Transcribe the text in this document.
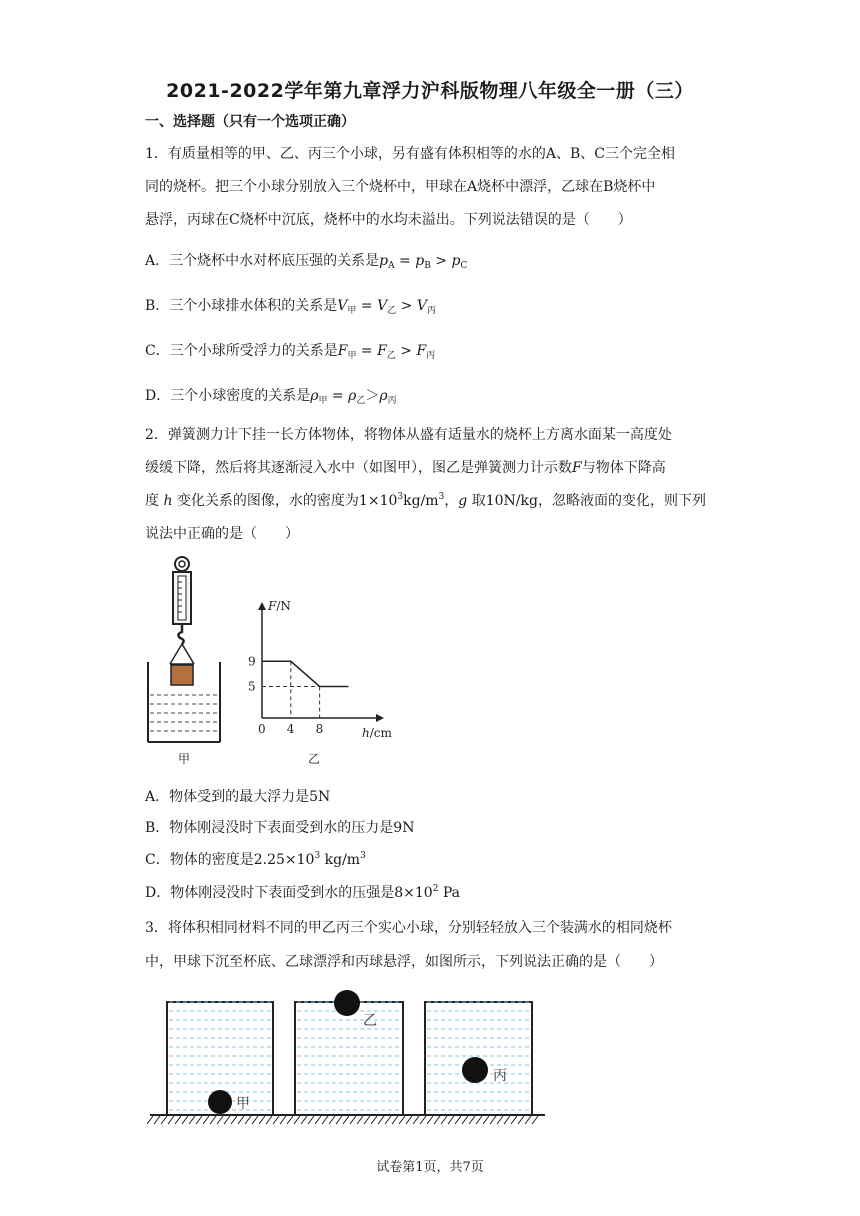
2021-2022学年第九章浮力沪科版物理八年级全一册（三）
一、选择题（只有一个选项正确）
1．有质量相等的甲、乙、丙三个小球，另有盛有体积相等的水的A、B、C三个完全相
同的烧杯。把三个小球分别放入三个烧杯中，甲球在A烧杯中漂浮，乙球在B烧杯中
悬浮，丙球在C烧杯中沉底，烧杯中的水均未溢出。下列说法错误的是（　　）
A．三个烧杯中水对杯底压强的关系是$p_A = p_B > p_C$
B．三个小球排水体积的关系是$V_甲 = V_乙 > V_丙$
C．三个小球所受浮力的关系是$F_甲 = F_乙 > F_丙$
D．三个小球密度的关系是$\rho_甲 = \rho_乙>\rho_丙$
2．弹簧测力计下挂一长方体物体，将物体从盛有适量水的烧杯上方离水面某一高度处
缓缓下降，然后将其逐渐浸入水中（如图甲），图乙是弹簧测力计示数F与物体下降高
度 h 变化关系的图像，水的密度为$1\times 10^3kg/m^3$，g 取10N/kg，忽略液面的变化，则下列
说法中正确的是（　　）
甲
F/N
h/cm
0 4 8
9
5
乙
A．物体受到的最大浮力是5N
B．物体刚浸没时下表面受到水的压力是9N
C．物体的密度是$2.25\times 10^3$ $kg/m^3$
D．物体刚浸没时下表面受到水的压强是$8\times 10^2$ Pa
3．将体积相同材料不同的甲乙丙三个实心小球，分别轻轻放入三个装满水的相同烧杯
中，甲球下沉至杯底、乙球漂浮和丙球悬浮，如图所示，下列说法正确的是（　　）
甲
乙
丙
试卷第1页，共7页
